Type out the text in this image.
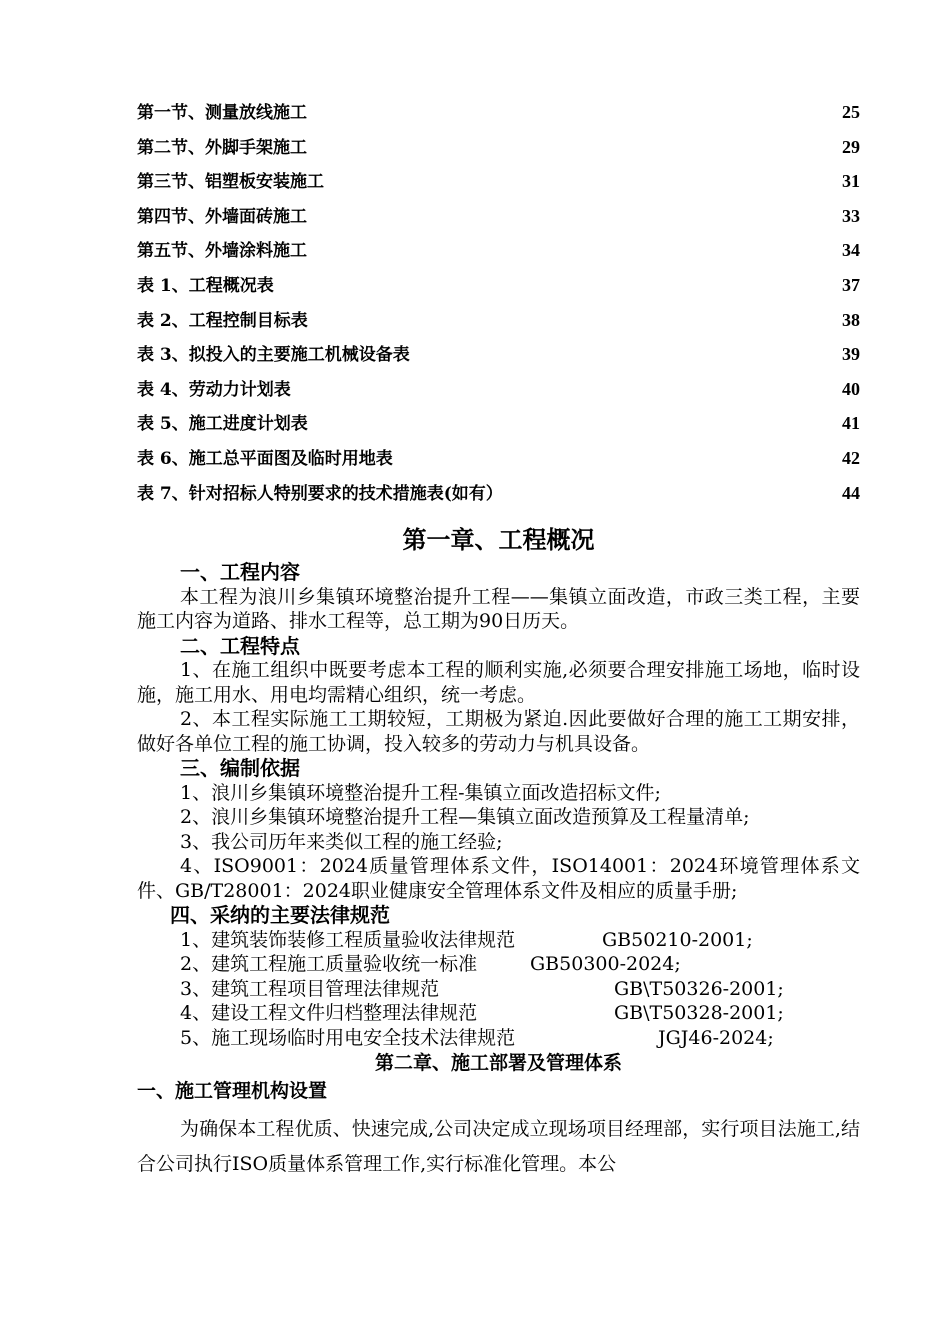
第一节、测量放线施工	25
第二节、外脚手架施工	29
第三节、铝塑板安装施工	31
第四节、外墙面砖施工	33
第五节、外墙涂料施工	34
表 1、工程概况表	37
表 2、工程控制目标表	38
表 3、拟投入的主要施工机械设备表	39
表 4、劳动力计划表	40
表 5、施工进度计划表	41
表 6、施工总平面图及临时用地表	42
表 7、针对招标人特别要求的技术措施表(如有）	44
第一章、工程概况
一、工程内容
本工程为浪川乡集镇环境整治提升工程——集镇立面改造，市政三类工程，主要施工内容为道路、排水工程等，总工期为90日历天。
二、工程特点
1、在施工组织中既要考虑本工程的顺利实施,必须要合理安排施工场地，临时设施，施工用水、用电均需精心组织，统一考虑。
2、本工程实际施工工期较短，工期极为紧迫.因此要做好合理的施工工期安排，做好各单位工程的施工协调，投入较多的劳动力与机具设备。
三、编制依据
1、浪川乡集镇环境整治提升工程-集镇立面改造招标文件;
2、浪川乡集镇环境整治提升工程—集镇立面改造预算及工程量清单;
3、我公司历年来类似工程的施工经验;
4、ISO9001：2024质量管理体系文件，ISO14001：2024环境管理体系文件、GB/T28001：2024职业健康安全管理体系文件及相应的质量手册;
四、采纳的主要法律规范
1、建筑装饰装修工程质量验收法律规范	GB50210-2001;
2、建筑工程施工质量验收统一标准	GB50300-2024;
3、建筑工程项目管理法律规范	GB\T50326-2001;
4、建设工程文件归档整理法律规范	GB\T50328-2001;
5、施工现场临时用电安全技术法律规范	JGJ46-2024;
第二章、施工部署及管理体系
一、施工管理机构设置
为确保本工程优质、快速完成,公司决定成立现场项目经理部，实行项目法施工,结合公司执行ISO质量体系管理工作,实行标准化管理。本公
